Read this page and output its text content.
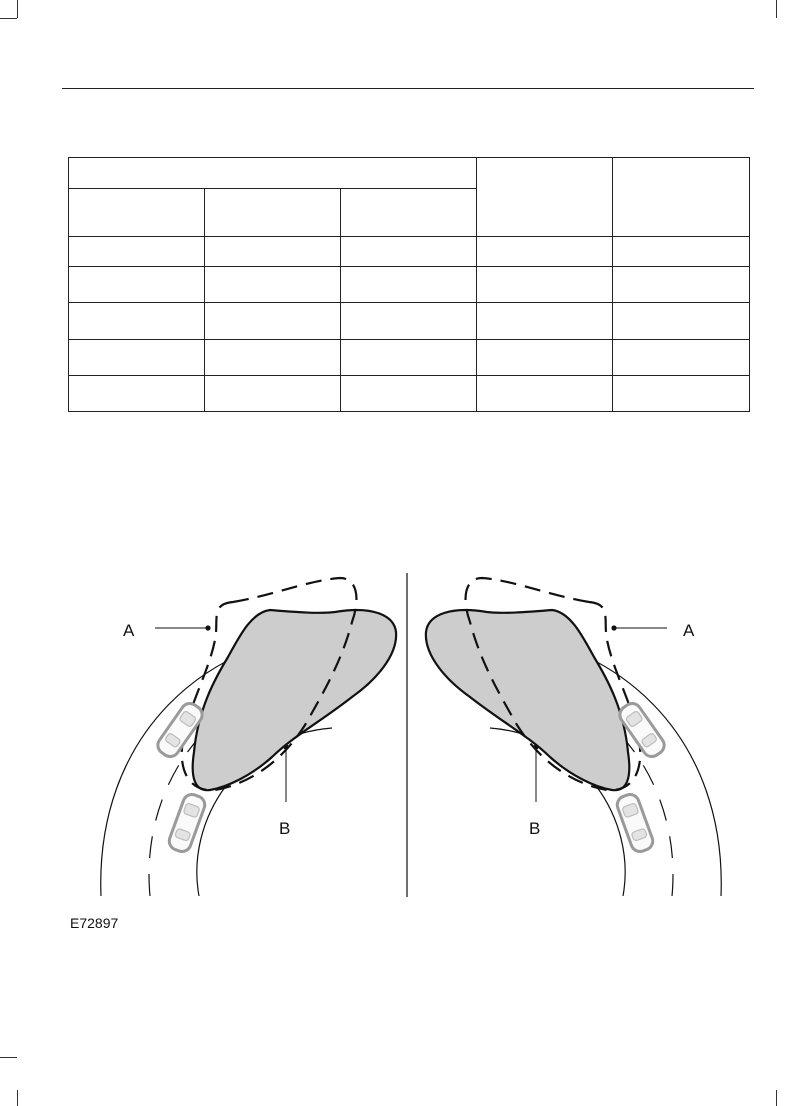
A
B
A
B
E72897
